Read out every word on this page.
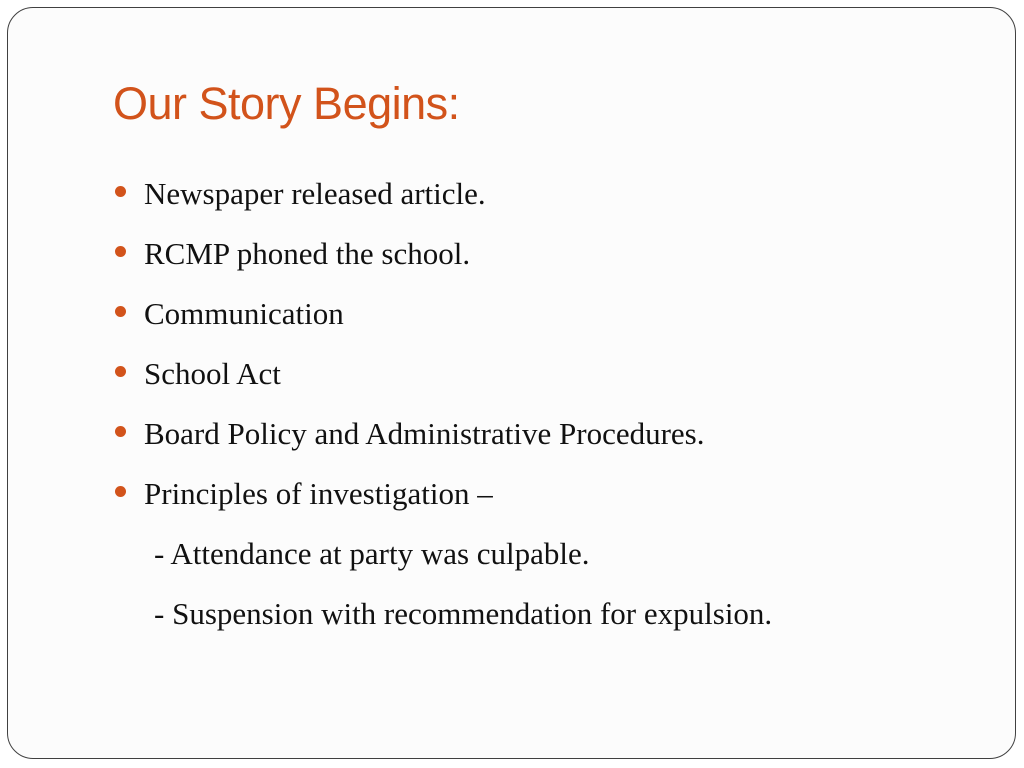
Our Story Begins:
Newspaper released article.
RCMP phoned the school.
Communication
School Act
Board Policy and Administrative Procedures.
Principles of investigation –
- Attendance at party was culpable.
- Suspension with recommendation for expulsion.
